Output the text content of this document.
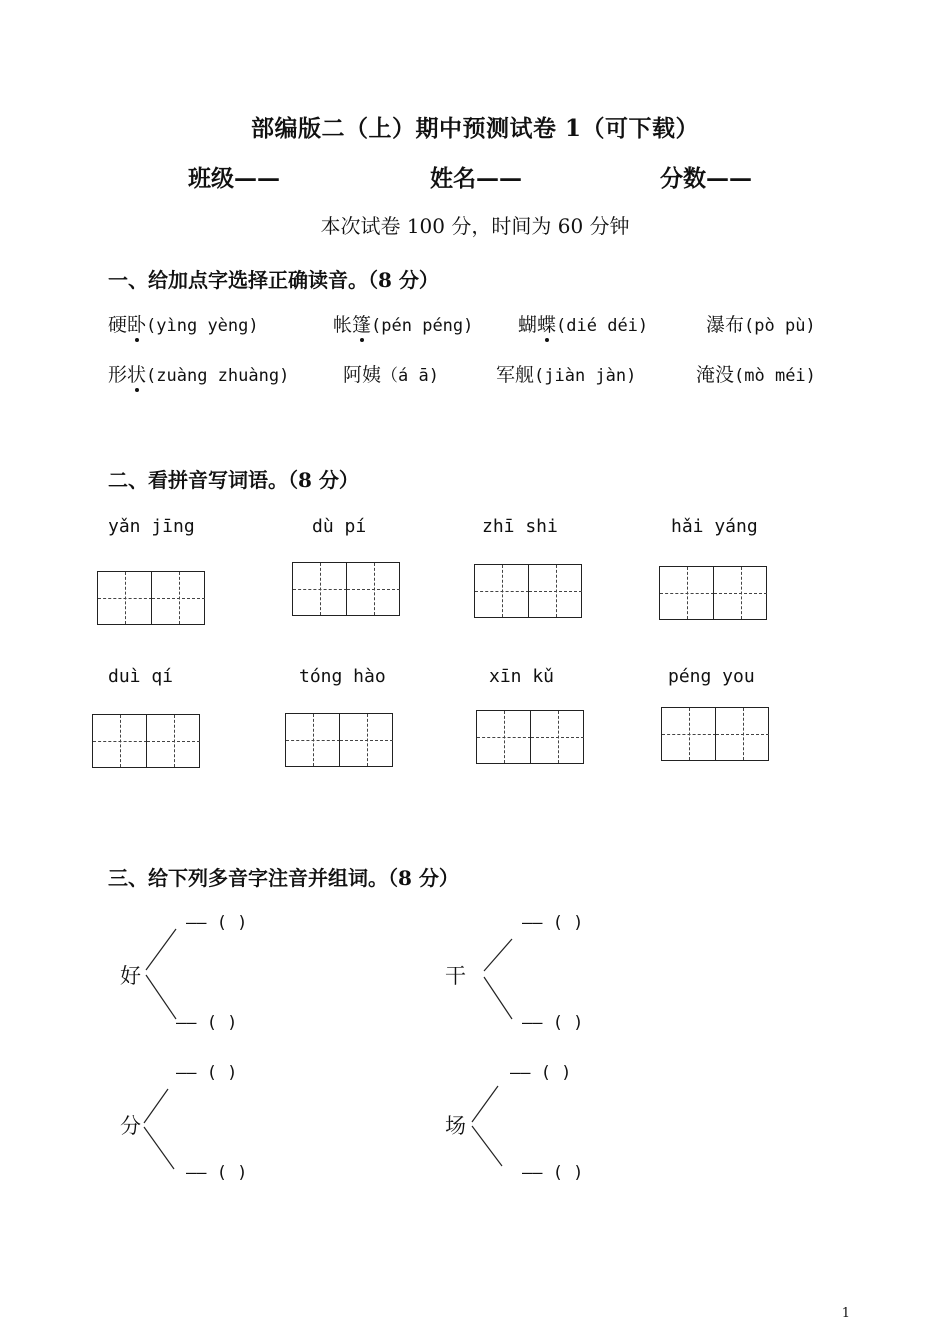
部编版二（上）期中预测试卷 1（可下载）
班级——	姓名——	分数——
本次试卷 100 分，时间为 60 分钟
一、给加点字选择正确读音。（8 分）
硬卧(yìng yèng)	帐篷(pén péng) 蝴蝶(dié déi)	瀑布(pò pù)
形状(zuàng zhuàng)	阿姨（á ā)	军舰(jiàn jàn)	淹没(mò méi)
二、看拼音写词语。（8 分）
yǎn jīng	dù pí	zhī shi	hǎi yáng
duì qí	tóng hào	xīn kǔ	péng you
三、给下列多音字注音并组词。（8 分）
—— ( )
好
—— ( )
—— ( )
干
—— ( )
—— ( )
分
—— ( )
—— ( )
场
—— ( )
1
